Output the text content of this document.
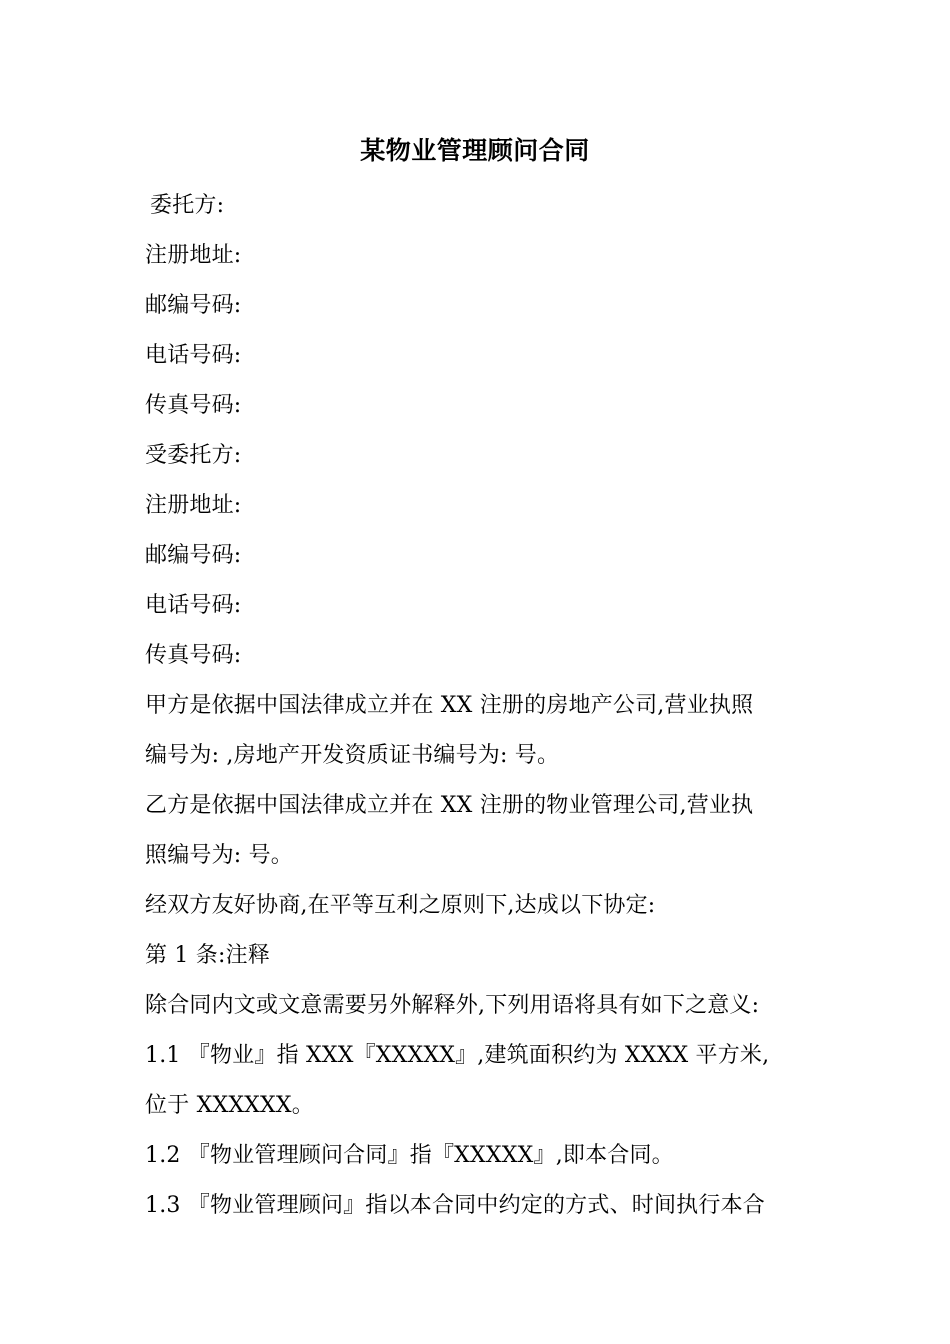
某物业管理顾问合同

委托方:

注册地址:

邮编号码:

电话号码:

传真号码:

受委托方:

注册地址:

邮编号码:

电话号码:

传真号码:

甲方是依据中国法律成立并在 XX 注册的房地产公司,营业执照

编号为: ,房地产开发资质证书编号为: 号。

乙方是依据中国法律成立并在 XX 注册的物业管理公司,营业执

照编号为: 号。

经双方友好协商,在平等互利之原则下,达成以下协定:

第 1 条:注释

除合同内文或文意需要另外解释外,下列用语将具有如下之意义:

1.1 『物业』指 XXX『XXXXX』,建筑面积约为 XXXX 平方米,

位于 XXXXXX。

1.2 『物业管理顾问合同』指『XXXXX』,即本合同。

1.3 『物业管理顾问』指以本合同中约定的方式、时间执行本合
